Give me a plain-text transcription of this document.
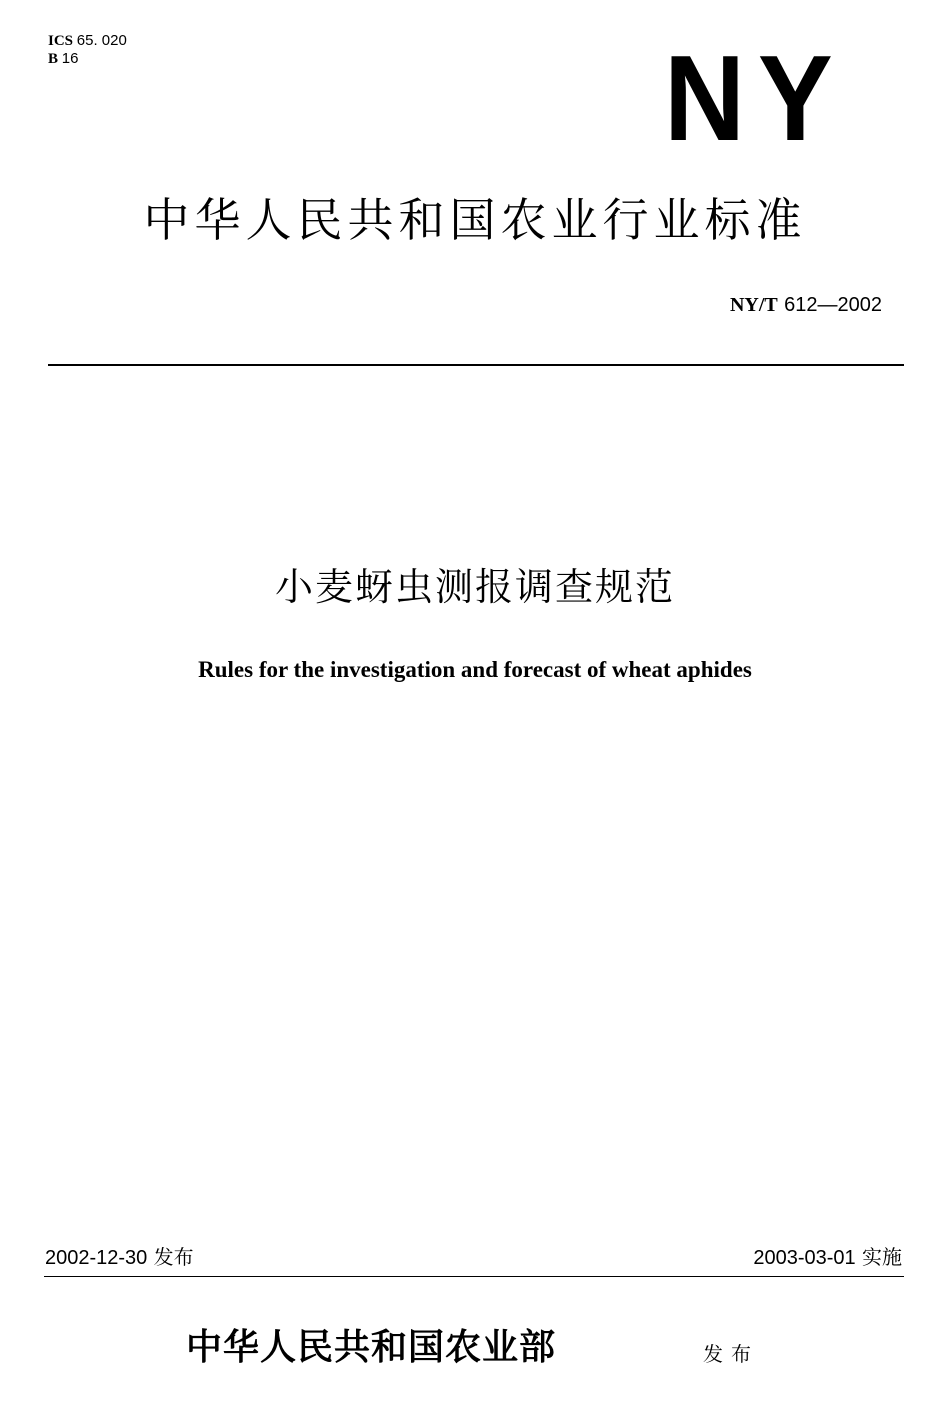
ICS 65. 020
B 16	NY
中华人民共和国农业行业标准
NY/T 612—2002
小麦蚜虫测报调查规范
Rules for the investigation and forecast of wheat aphides
2002-12-30 发布	2003-03-01 实施
中华人民共和国农业部	发布
